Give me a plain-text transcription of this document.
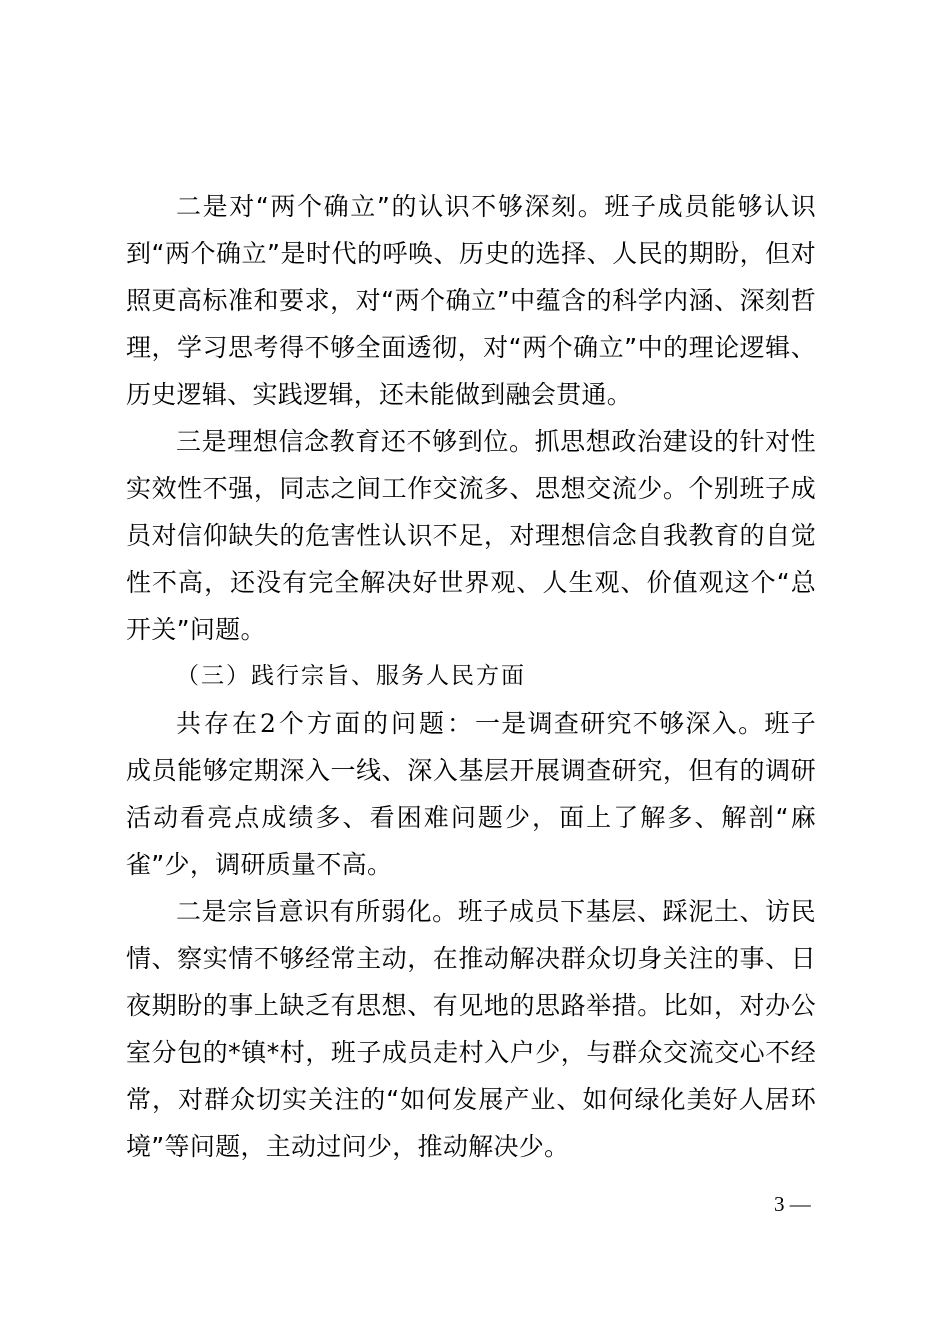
二是对“两个确立”的认识不够深刻。班子成员能够认识到“两个确立”是时代的呼唤、历史的选择、人民的期盼，但对照更高标准和要求，对“两个确立”中蕴含的科学内涵、深刻哲理，学习思考得不够全面透彻，对“两个确立”中的理论逻辑、历史逻辑、实践逻辑，还未能做到融会贯通。

三是理想信念教育还不够到位。抓思想政治建设的针对性实效性不强，同志之间工作交流多、思想交流少。个别班子成员对信仰缺失的危害性认识不足，对理想信念自我教育的自觉性不高，还没有完全解决好世界观、人生观、价值观这个“总开关”问题。

（三）践行宗旨、服务人民方面

共存在2个方面的问题：一是调查研究不够深入。班子成员能够定期深入一线、深入基层开展调查研究，但有的调研活动看亮点成绩多、看困难问题少，面上了解多、解剖“麻雀”少，调研质量不高。

二是宗旨意识有所弱化。班子成员下基层、踩泥土、访民情、察实情不够经常主动，在推动解决群众切身关注的事、日夜期盼的事上缺乏有思想、有见地的思路举措。比如，对办公室分包的*镇*村，班子成员走村入户少，与群众交流交心不经常，对群众切实关注的“如何发展产业、如何绿化美好人居环境”等问题，主动过问少，推动解决少。

3 —
